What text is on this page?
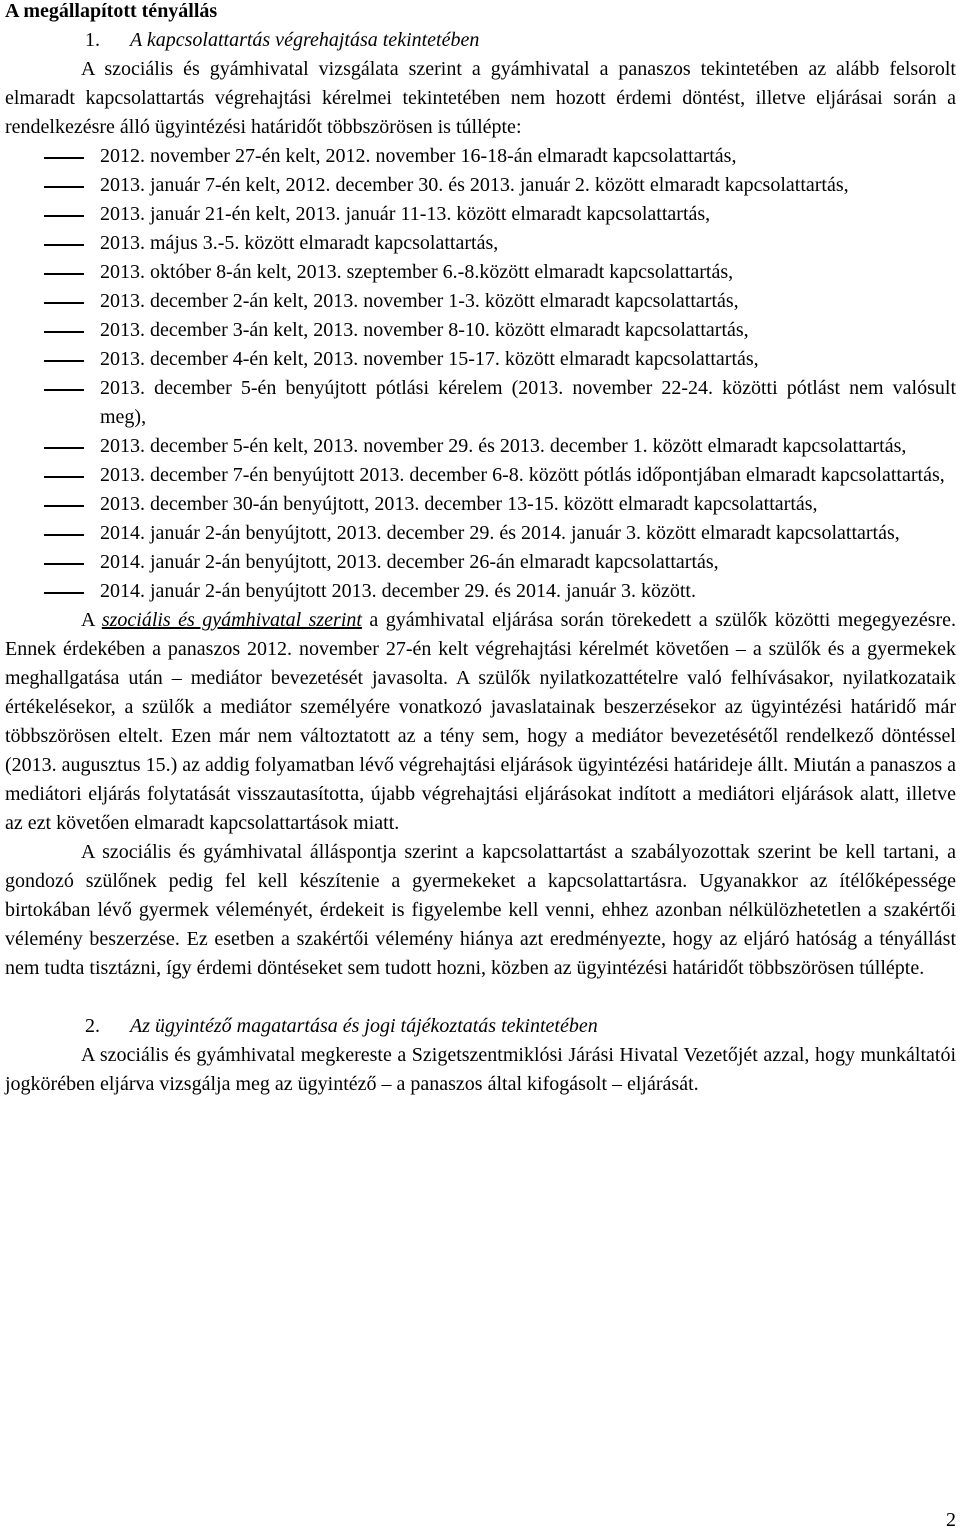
A megállapított tényállás

1. A kapcsolattartás végrehajtása tekintetében

A szociális és gyámhivatal vizsgálata szerint a gyámhivatal a panaszos tekintetében az alább felsorolt elmaradt kapcsolattartás végrehajtási kérelmei tekintetében nem hozott érdemi döntést, illetve eljárásai során a rendelkezésre álló ügyintézési határidőt többszörösen is túllépte:

2012. november 27-én kelt, 2012. november 16-18-án elmaradt kapcsolattartás,
2013. január 7-én kelt, 2012. december 30. és 2013. január 2. között elmaradt kapcsolattartás,
2013. január 21-én kelt, 2013. január 11-13. között elmaradt kapcsolattartás,
2013. május 3.-5. között elmaradt kapcsolattartás,
2013. október 8-án kelt, 2013. szeptember 6.-8.között elmaradt kapcsolattartás,
2013. december 2-án kelt, 2013. november 1-3. között elmaradt kapcsolattartás,
2013. december 3-án kelt, 2013. november 8-10. között elmaradt kapcsolattartás,
2013. december 4-én kelt, 2013. november 15-17. között elmaradt kapcsolattartás,
2013. december 5-én benyújtott pótlási kérelem (2013. november 22-24. közötti pótlást nem valósult meg),
2013. december 5-én kelt, 2013. november 29. és 2013. december 1. között elmaradt kapcsolattartás,
2013. december 7-én benyújtott 2013. december 6-8. között pótlás időpontjában elmaradt kapcsolattartás,
2013. december 30-án benyújtott, 2013. december 13-15. között elmaradt kapcsolattartás,
2014. január 2-án benyújtott, 2013. december 29. és 2014. január 3. között elmaradt kapcsolattartás,
2014. január 2-án benyújtott, 2013. december 26-án elmaradt kapcsolattartás,
2014. január 2-án benyújtott 2013. december 29. és 2014. január 3. között.

A szociális és gyámhivatal szerint a gyámhivatal eljárása során törekedett a szülők közötti megegyezésre. Ennek érdekében a panaszos 2012. november 27-én kelt végrehajtási kérelmét követően – a szülők és a gyermekek meghallgatása után – mediátor bevezetését javasolta. A szülők nyilatkozattételre való felhívásakor, nyilatkozataik értékelésekor, a szülők a mediátor személyére vonatkozó javaslatainak beszerzésekor az ügyintézési határidő már többszörösen eltelt. Ezen már nem változtatott az a tény sem, hogy a mediátor bevezetésétől rendelkező döntéssel (2013. augusztus 15.) az addig folyamatban lévő végrehajtási eljárások ügyintézési határideje állt. Miután a panaszos a mediátori eljárás folytatását visszautasította, újabb végrehajtási eljárásokat indított a mediátori eljárások alatt, illetve az ezt követően elmaradt kapcsolattartások miatt.

A szociális és gyámhivatal álláspontja szerint a kapcsolattartást a szabályozottak szerint be kell tartani, a gondozó szülőnek pedig fel kell készítenie a gyermekeket a kapcsolattartásra. Ugyanakkor az ítélőképessége birtokában lévő gyermek véleményét, érdekeit is figyelembe kell venni, ehhez azonban nélkülözhetetlen a szakértői vélemény beszerzése. Ez esetben a szakértői vélemény hiánya azt eredményezte, hogy az eljáró hatóság a tényállást nem tudta tisztázni, így érdemi döntéseket sem tudott hozni, közben az ügyintézési határidőt többszörösen túllépte.

2. Az ügyintéző magatartása és jogi tájékoztatás tekintetében

A szociális és gyámhivatal megkereste a Szigetszentmiklósi Járási Hivatal Vezetőjét azzal, hogy munkáltatói jogkörében eljárva vizsgálja meg az ügyintéző – a panaszos által kifogásolt – eljárását.

2
